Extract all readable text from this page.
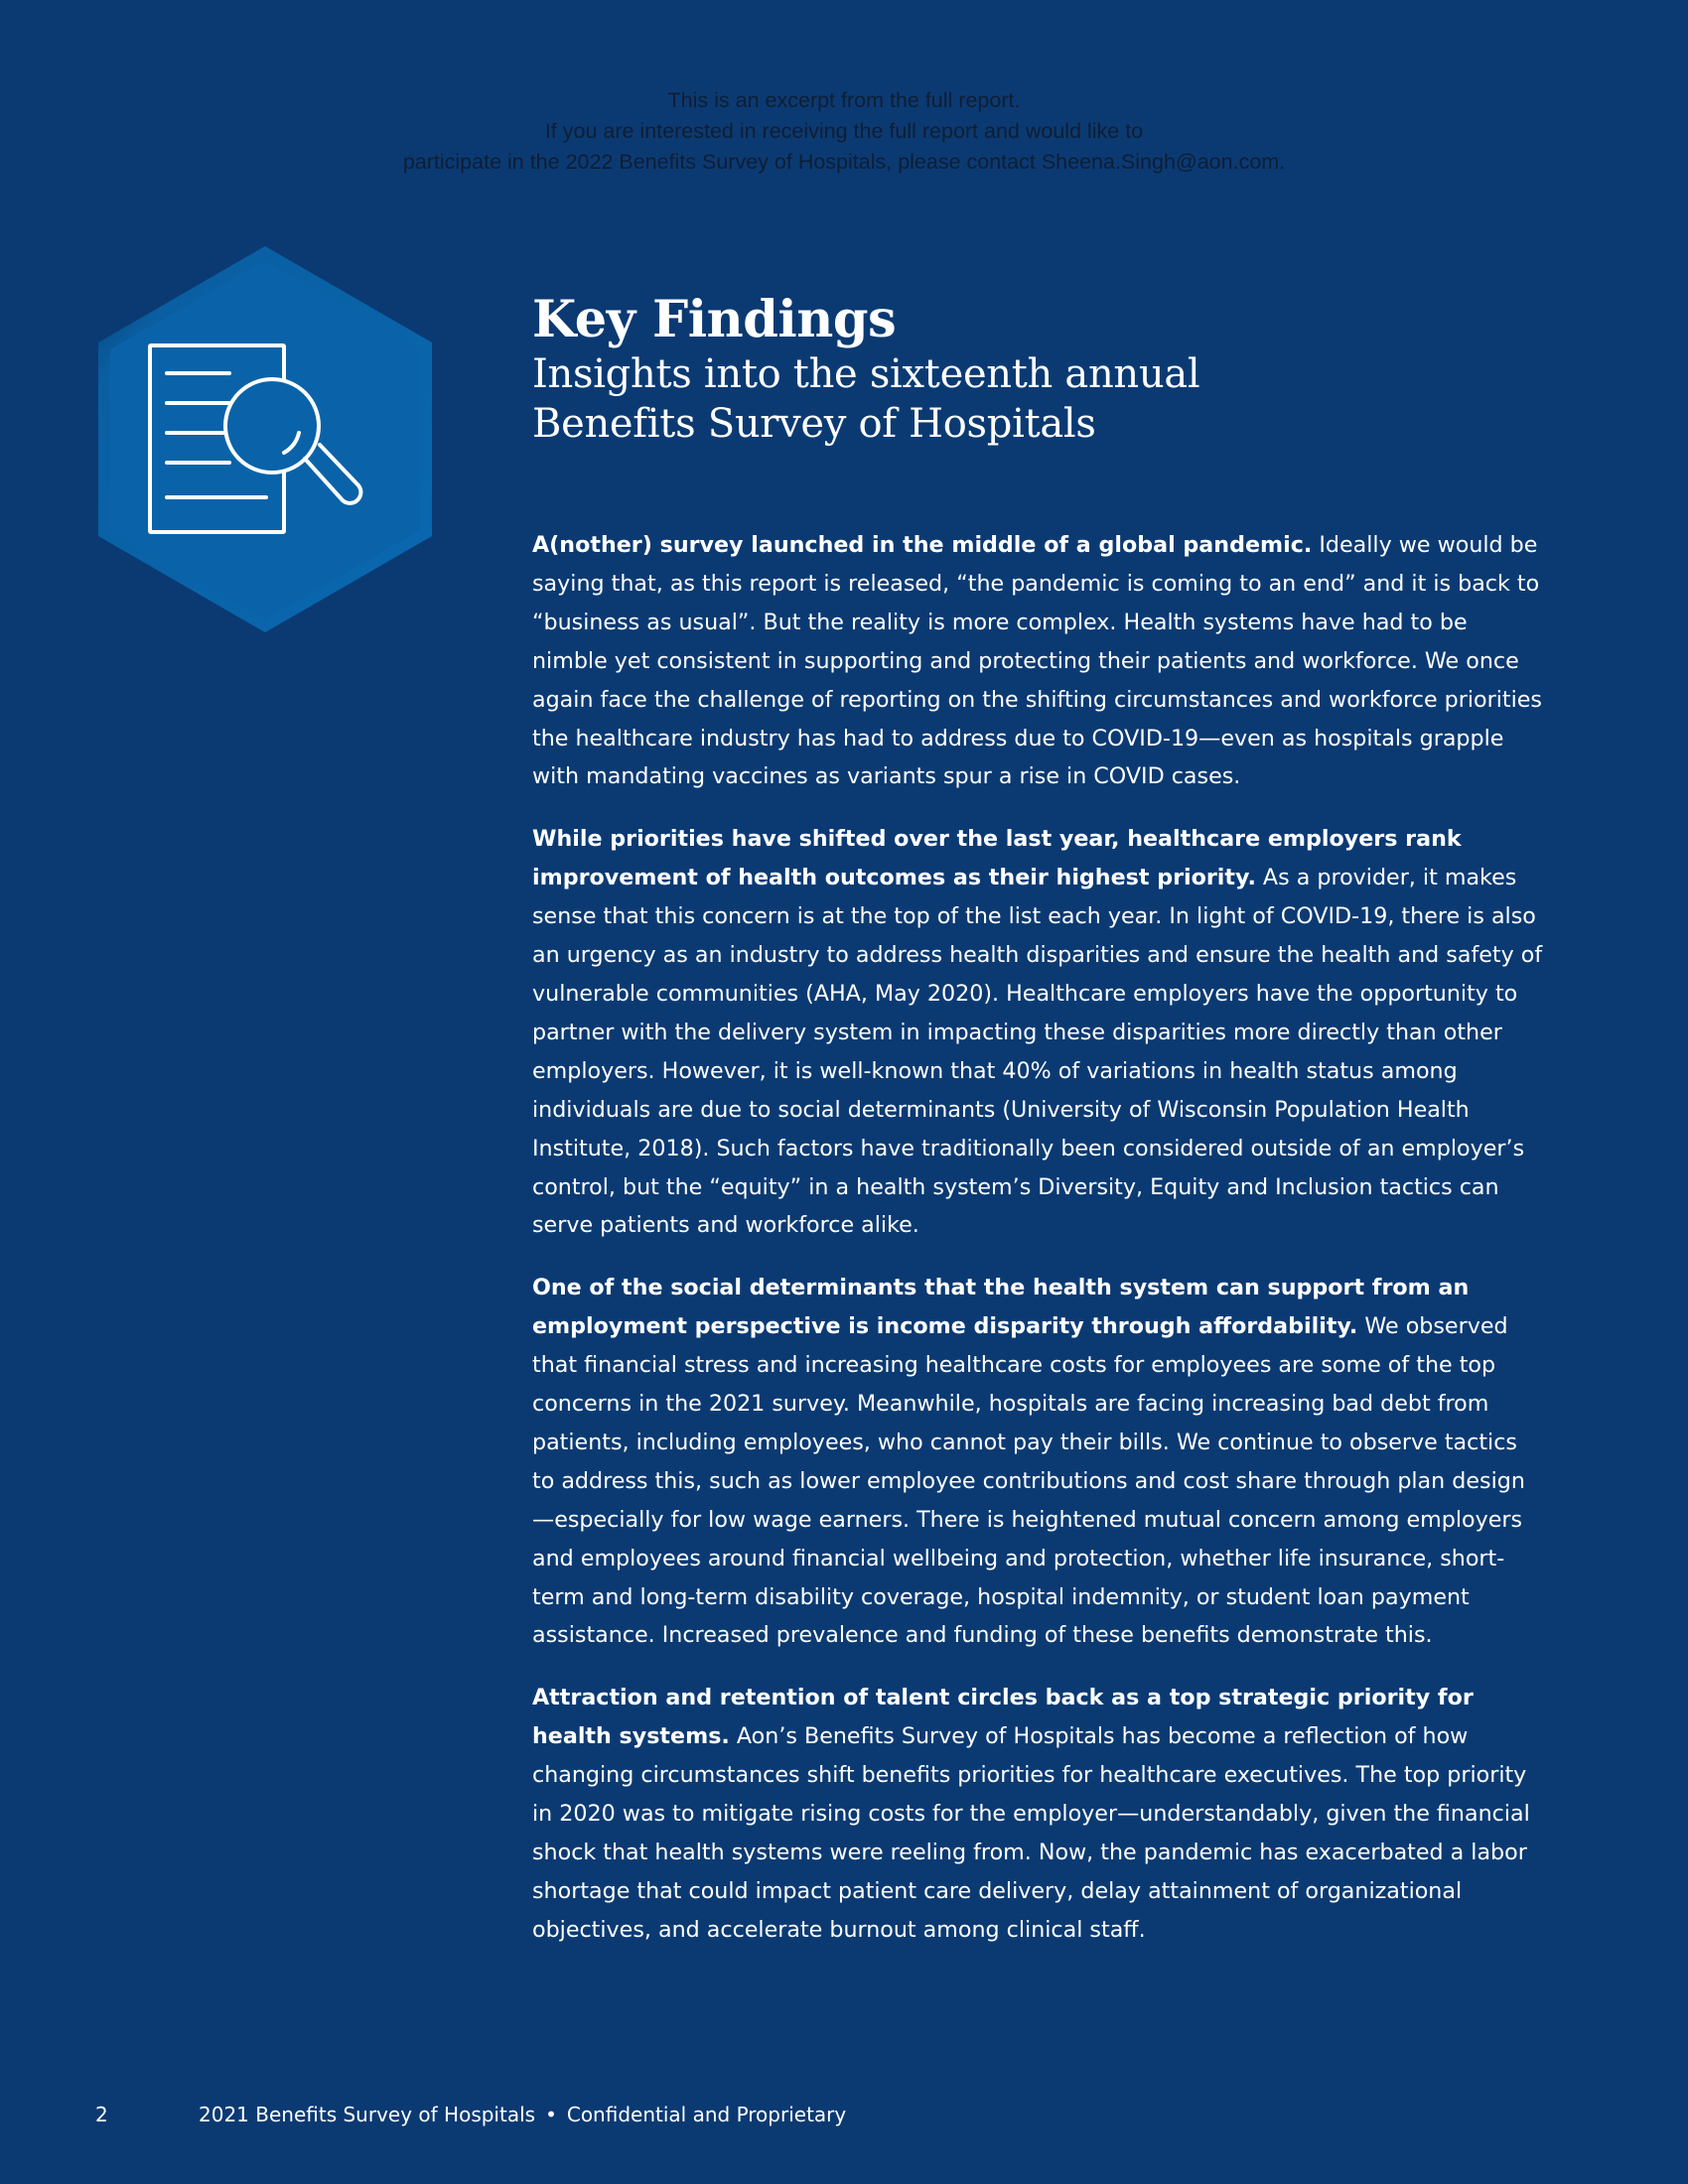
This is an excerpt from the full report.
If you are interested in receiving the full report and would like to
participate in the 2022 Benefits Survey of Hospitals, please contact Sheena.Singh@aon.com.
Key Findings
Insights into the sixteenth annual
Benefits Survey of Hospitals

A(nother) survey launched in the middle of a global pandemic. Ideally we would be saying that, as this report is released, “the pandemic is coming to an end” and it is back to “business as usual”. But the reality is more complex. Health systems have had to be nimble yet consistent in supporting and protecting their patients and workforce. We once again face the challenge of reporting on the shifting circumstances and workforce priorities the healthcare industry has had to address due to COVID-19—even as hospitals grapple with mandating vaccines as variants spur a rise in COVID cases.

While priorities have shifted over the last year, healthcare employers rank improvement of health outcomes as their highest priority. As a provider, it makes sense that this concern is at the top of the list each year. In light of COVID-19, there is also an urgency as an industry to address health disparities and ensure the health and safety of vulnerable communities (AHA, May 2020). Healthcare employers have the opportunity to partner with the delivery system in impacting these disparities more directly than other employers. However, it is well-known that 40% of variations in health status among individuals are due to social determinants (University of Wisconsin Population Health Institute, 2018). Such factors have traditionally been considered outside of an employer’s control, but the “equity” in a health system’s Diversity, Equity and Inclusion tactics can serve patients and workforce alike.

One of the social determinants that the health system can support from an employment perspective is income disparity through affordability. We observed that financial stress and increasing healthcare costs for employees are some of the top concerns in the 2021 survey. Meanwhile, hospitals are facing increasing bad debt from patients, including employees, who cannot pay their bills. We continue to observe tactics to address this, such as lower employee contributions and cost share through plan design—especially for low wage earners. There is heightened mutual concern among employers and employees around financial wellbeing and protection, whether life insurance, short-term and long-term disability coverage, hospital indemnity, or student loan payment assistance. Increased prevalence and funding of these benefits demonstrate this.

Attraction and retention of talent circles back as a top strategic priority for health systems. Aon’s Benefits Survey of Hospitals has become a reflection of how changing circumstances shift benefits priorities for healthcare executives. The top priority in 2020 was to mitigate rising costs for the employer—understandably, given the financial shock that health systems were reeling from. Now, the pandemic has exacerbated a labor shortage that could impact patient care delivery, delay attainment of organizational objectives, and accelerate burnout among clinical staff.

2	2021 Benefits Survey of Hospitals • Confidential and Proprietary
